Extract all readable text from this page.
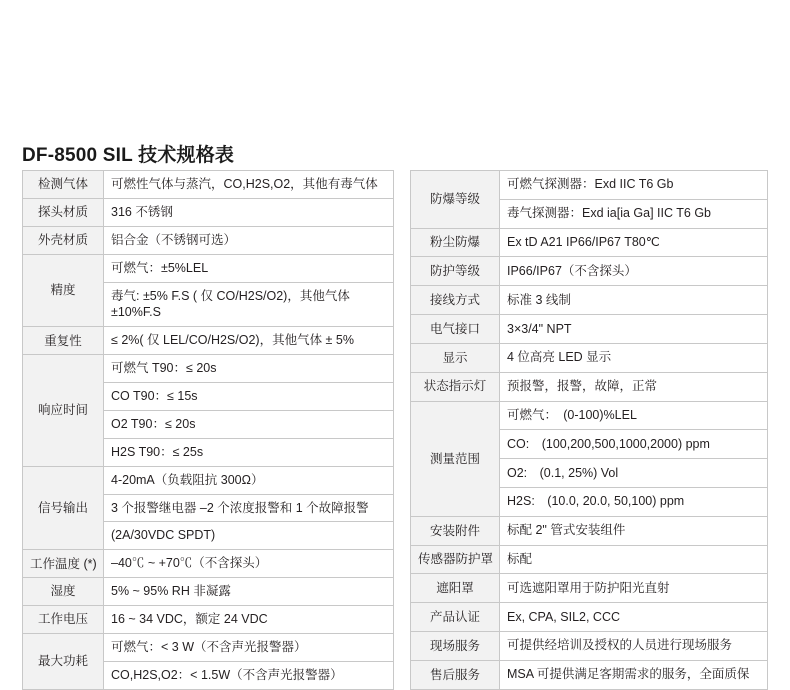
DF-8500 SIL 技术规格表
检测气体	可燃性气体与蒸汽，CO,H2S,O2，其他有毒气体

探头材质	316 不锈钢

外壳材质	铝合金（不锈钢可选）

精度	可燃气：±5%LEL
	毒气: ±5% F.S ( 仅 CO/H2S/O2)，其他气体 ±10%F.S

重复性	≤ 2%( 仅 LEL/CO/H2S/O2)，其他气体 ± 5%

响应时间	可燃气 T90：≤ 20s
	CO T90：≤ 15s
	O2 T90：≤ 20s
	H2S T90：≤ 25s

信号输出	4-20mA（负载阻抗 300Ω）
	3 个报警继电器 –2 个浓度报警和 1 个故障报警
	(2A/30VDC SPDT)

工作温度 (*)	–40℃ ~ +70℃（不含探头）

湿度	5% ~ 95% RH 非凝露

工作电压	16 ~ 34 VDC，额定 24 VDC

最大功耗	可燃气：< 3 W（不含声光报警器）
	CO,H2S,O2：< 1.5W（不含声光报警器）
防爆等级	可燃气探测器：Exd IIC T6 Gb
	毒气探测器：Exd ia[ia Ga] IIC T6 Gb

粉尘防爆	Ex tD A21 IP66/IP67 T80℃

防护等级	IP66/IP67（不含探头）

接线方式	标准 3 线制

电气接口	3×3/4" NPT

显示	4 位高亮 LED 显示

状态指示灯	预报警，报警，故障，正常

测量范围	可燃气：　(0-100)%LEL
	CO:　(100,200,500,1000,2000) ppm
	O2:　(0.1, 25%) Vol
	H2S:　(10.0, 20.0, 50,100) ppm

安装附件	标配 2" 管式安装组件

传感器防护罩	标配

遮阳罩	可选遮阳罩用于防护阳光直射

产品认证	Ex, CPA, SIL2, CCC

现场服务	可提供经培训及授权的人员进行现场服务

售后服务	MSA 可提供满足客期需求的服务，全面质保
